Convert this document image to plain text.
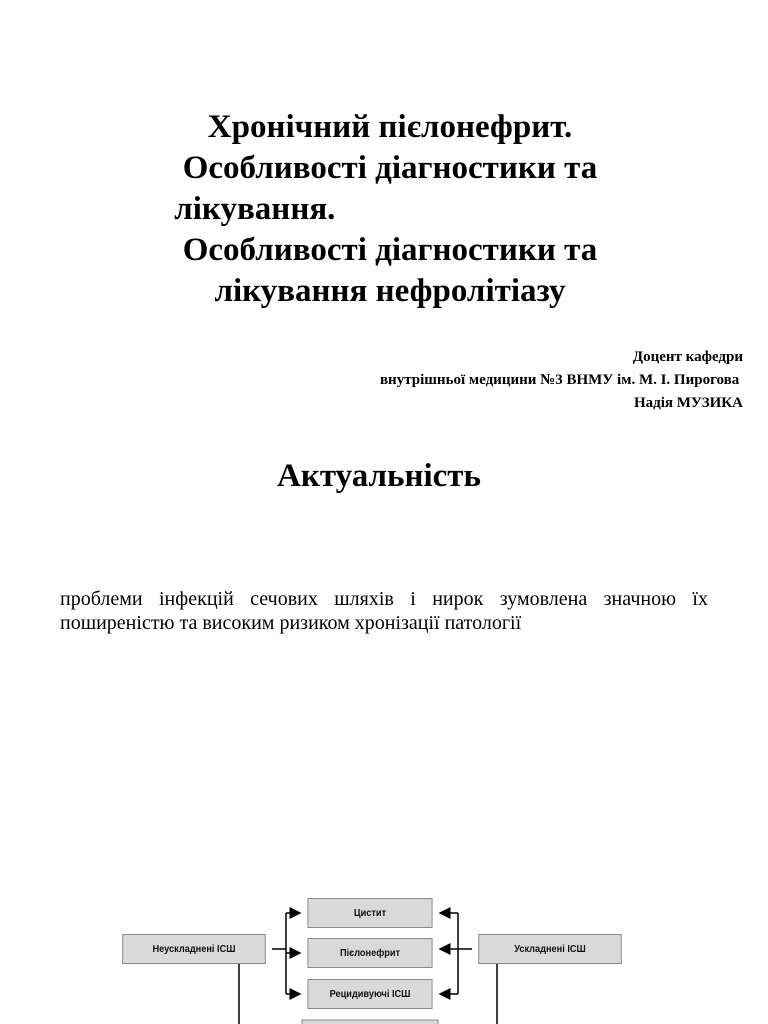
Хронічний пієлонефрит.
Особливості діагностики та
лікування.
Особливості діагностики та
лікування нефролітіазу
Доцент кафедри
внутрішньої медицини №3 ВНМУ ім. М. І. Пирогова
Надія МУЗИКА
Актуальність
проблеми інфекцій сечових шляхів і нирок зумовлена значною їх поширеністю та високим ризиком хронізації патології
Неускладнені ІСШ	Ускладнені ІСШ
Цистит
Пієлонефрит
Рецидивуючі ІСШ
